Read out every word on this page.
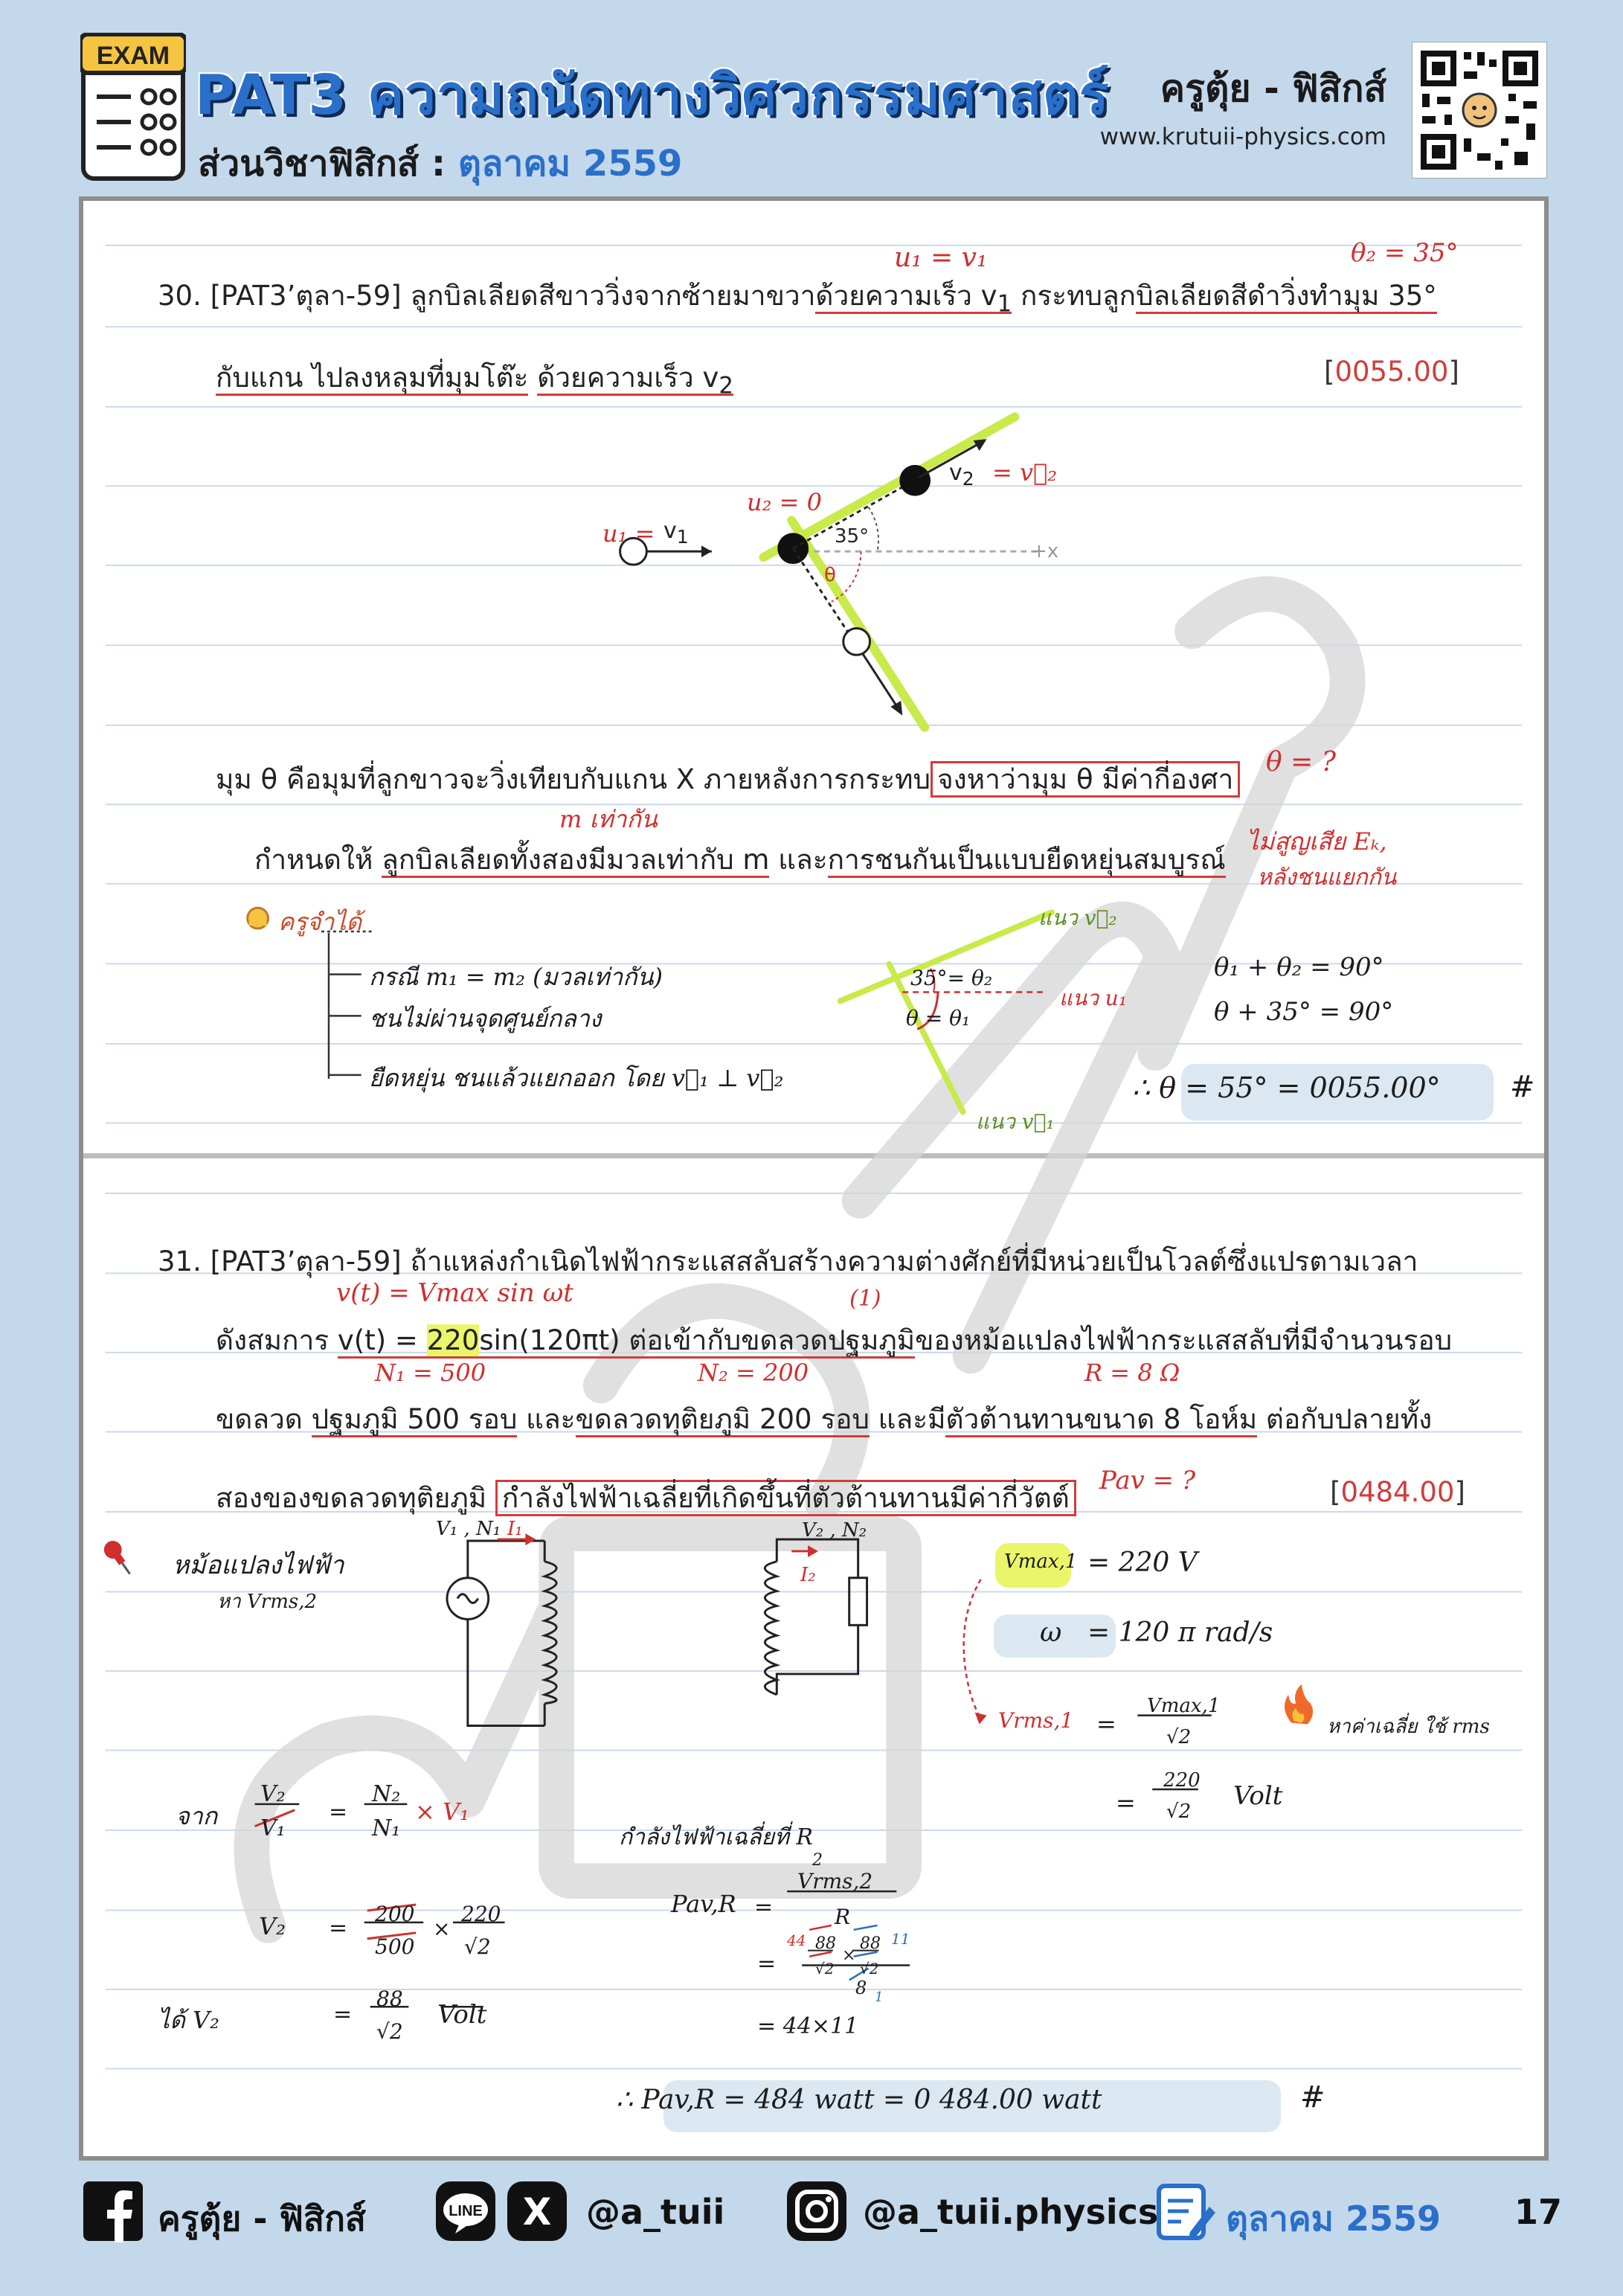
EXAM
PAT3 ความถนัดทางวิศวกรรมศาสตร์
ส่วนวิชาฟิสิกส์ : ตุลาคม 2559
ครูตุ้ย - ฟิสิกส์
www.krutuii-physics.com
30. [PAT3’ตุลา-59] ลูกบิลเลียดสีขาววิ่งจากซ้ายมาขวาด้วยความเร็ว $v_1$ กระทบลูกบิลเลียดสีดำวิ่งทำมุม 35°
กับแกน ไปลงหลุมที่มุมโต๊ะ ด้วยความเร็ว $v_2$	[0055.00]
u₁ = v₁	θ₂ = 35°
$u_1 = v_1$
u₂ = 0
$v_2$ = v⃗₂
35°
θ
+x
มุม θ คือมุมที่ลูกขาวจะวิ่งเทียบกับแกน X ภายหลังการกระทบ จงหาว่ามุม θ มีค่ากี่องศา
θ = ?
m เท่ากัน
กำหนดให้ ลูกบิลเลียดทั้งสองมีมวลเท่ากับ m และการชนกันเป็นแบบยืดหยุ่นสมบูรณ์
ไม่สูญเสีย Eₖ,
หลังชนแยกกัน
ครูจำได้
กรณี m₁ = m₂ (มวลเท่ากัน)
ชนไม่ผ่านจุดศูนย์กลาง
ยืดหยุ่น ชนแล้วแยกออก โดย v⃗₁ ⊥ v⃗₂
แนว v⃗₂
แนว u₁
แนว v⃗₁
35°= θ₂
θ = θ₁
θ₁ + θ₂ = 90°
θ + 35° = 90°
∴ θ = 55° = 0055.00° #
31. [PAT3’ตุลา-59] ถ้าแหล่งกำเนิดไฟฟ้ากระแสสลับสร้างความต่างศักย์ที่มีหน่วยเป็นโวลต์ซึ่งแปรตามเวลา
v(t) = Vmax sin ωt	(1)
ดังสมการ v(t) = 220sin(120πt) ต่อเข้ากับขดลวดปฐมภูมิของหม้อแปลงไฟฟ้ากระแสสลับที่มีจำนวนรอบ
N₁ = 500	N₂ = 200	R = 8 Ω
ขดลวด ปฐมภูมิ 500 รอบ และขดลวดทุติยภูมิ 200 รอบ และมีตัวต้านทานขนาด 8 โอห์ม ต่อกับปลายทั้ง
สองของขดลวดทุติยภูมิ กำลังไฟฟ้าเฉลี่ยที่เกิดขึ้นที่ตัวต้านทานมีค่ากี่วัตต์
Pav = ?	[0484.00]
หม้อแปลงไฟฟ้า
หา Vrms,2
V₁ , N₁ I₁	V₂ , N₂
I₂
Vmax,1 = 220 V
ω = 120 π rad/s
Vrms,1 =
Vmax,1
√2	หาค่าเฉลี่ย ใช้ rms
=
220
√2
Volt
จาก
V₂
V₁
=
N₂
N₁
× V₁
V₂ =
200
500
×
220
√2
ได้ V₂	=
88
√2
Volt
กำลังไฟฟ้าเฉลี่ยที่ R
Pav,R =
2
Vrms,2
R
=
44 88
√2
×
88
√2
11
8 1
= 44×11
∴ Pav,R = 484 watt = 0 484.00 watt	#
ครูตุ้ย - ฟิสิกส์	LINE X @a_tuii	@a_tuii.physics ตุลาคม 2559 17
